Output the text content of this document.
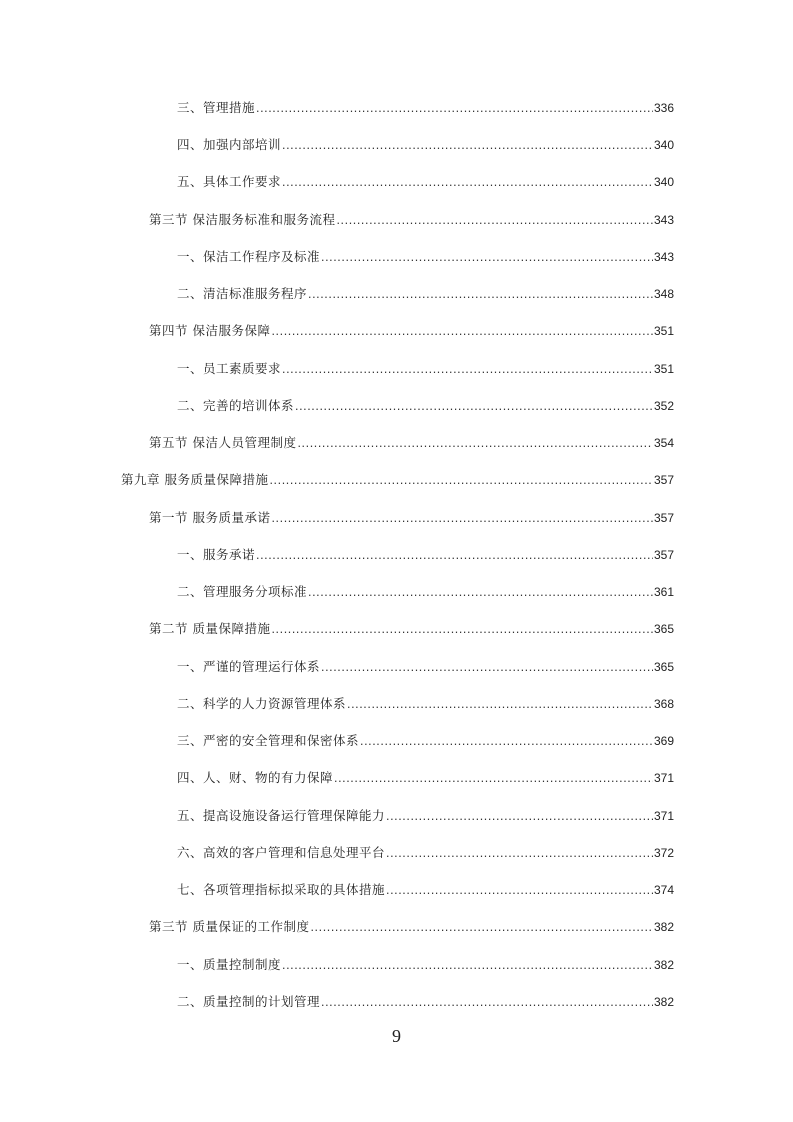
三、管理措施 .....	336
四、加强内部培训 .....	340
五、具体工作要求 .....	340
第三节 保洁服务标准和服务流程 .....	343
一、保洁工作程序及标准 .....	343
二、清洁标准服务程序 .....	348
第四节 保洁服务保障 .....	351
一、员工素质要求 .....	351
二、完善的培训体系 .....	352
第五节 保洁人员管理制度 .....	354
第九章 服务质量保障措施 .....	357
第一节 服务质量承诺 .....	357
一、服务承诺 .....	357
二、管理服务分项标准 .....	361
第二节 质量保障措施 .....	365
一、严谨的管理运行体系 .....	365
二、科学的人力资源管理体系 .....	368
三、严密的安全管理和保密体系 .....	369
四、人、财、物的有力保障 .....	371
五、提高设施设备运行管理保障能力 .....	371
六、高效的客户管理和信息处理平台 .....	372
七、各项管理指标拟采取的具体措施 .....	374
第三节 质量保证的工作制度 .....	382
一、质量控制制度 .....	382
二、质量控制的计划管理 .....	382
9
